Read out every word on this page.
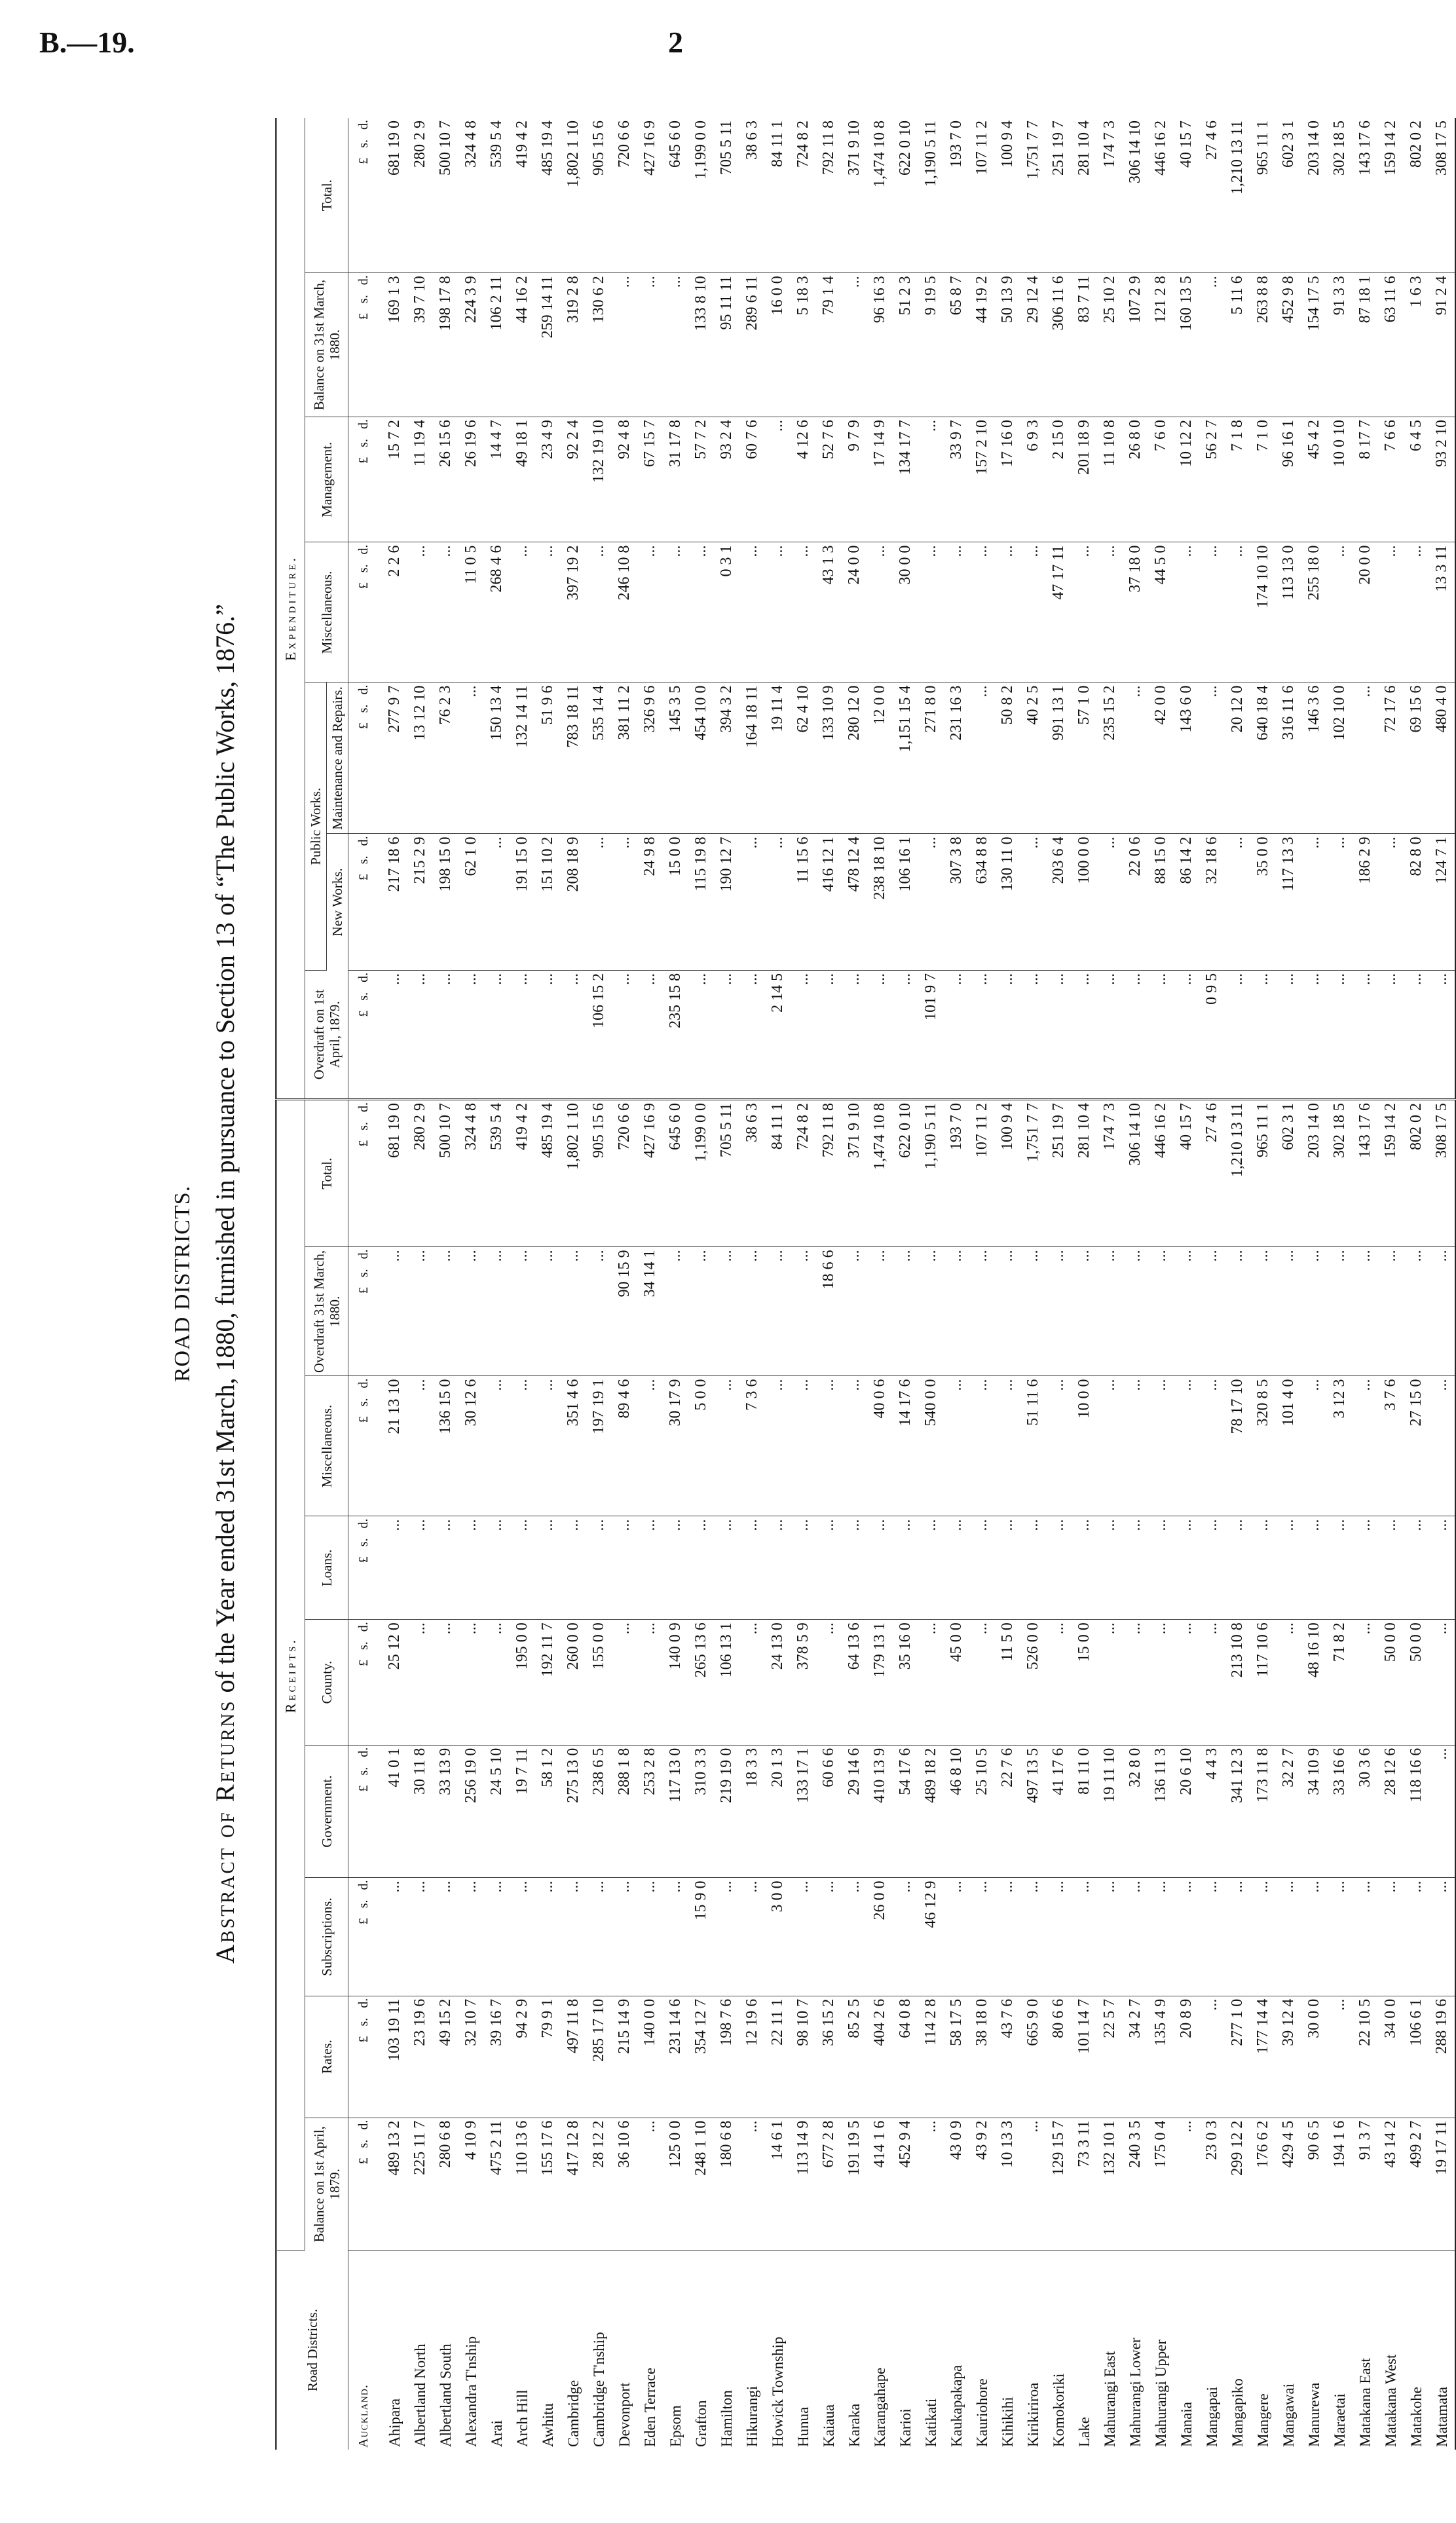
B.—19.	2
ROAD DISTRICTS.
Abstract of Returns of the Year ended 31st March, 1880, furnished in pursuance to Section 13 of “The Public Works, 1876.”
Road Districts.	Receipts.									Expenditure.						
	Balance on 1st April, 1879.	Rates.	Subscriptions.	Government.	County.	Loans.	Miscellaneous.	Overdraft 31st March, 1880.	Total.	Overdraft on 1st April, 1879.	Public Works.		Miscellaneous.	Management.	Balance on 31st March, 1880.	Total.
											New Works.	Maintenance and Repairs.				
Auckland.	£   s.   d.	£   s.   d.	£   s.   d.	£   s.   d.	£   s.   d.	£   s.   d.	£   s.   d.	£   s.   d.	£   s.   d.	£   s.   d.	£   s.   d.	£   s.   d.	£   s.   d.	£   s.   d.	£   s.   d.	£   s.   d.
Ahipara	489 13 2	103 19 11	...	41 0 1	25 12 0	...	21 13 10	...	681 19 0	...	217 18 6	277 9 7	2 2 6	15 7 2	169 1 3	681 19 0
Albertland North	225 11 7	23 19 6	...	30 11 8	...	...	...	...	280 2 9	...	215 2 9	13 12 10	...	11 19 4	39 7 10	280 2 9
Albertland South	280 6 8	49 15 2	...	33 13 9	...	...	136 15 0	...	500 10 7	...	198 15 0	76 2 3	...	26 15 6	198 17 8	500 10 7
Alexandra T'nship	4 10 9	32 10 7	...	256 19 0	...	...	30 12 6	...	324 4 8	...	62 1 0	...	11 0 5	26 19 6	224 3 9	324 4 8
Arai	475 2 11	39 16 7	...	24 5 10	...	...	...	...	539 5 4	...	...	150 13 4	268 4 6	14 4 7	106 2 11	539 5 4
Arch Hill	110 13 6	94 2 9	...	19 7 11	195 0 0	...	...	...	419 4 2	...	191 15 0	132 14 11	...	49 18 1	44 16 2	419 4 2
Awhitu	155 17 6	79 9 1	...	58 1 2	192 11 7	...	...	...	485 19 4	...	151 10 2	51 9 6	...	23 4 9	259 14 11	485 19 4
Cambridge	417 12 8	497 11 8	...	275 13 0	260 0 0	...	351 4 6	...	1,802 1 10	...	208 18 9	783 18 11	397 19 2	92 2 4	319 2 8	1,802 1 10
Cambridge T'nship	28 12 2	285 17 10	...	238 6 5	155 0 0	...	197 19 1	...	905 15 6	106 15 2	...	535 14 4	...	132 19 10	130 6 2	905 15 6
Devonport	36 10 6	215 14 9	...	288 1 8	...	...	89 4 6	90 15 9	720 6 6	...	...	381 11 2	246 10 8	92 4 8	...	720 6 6
Eden Terrace	...	140 0 0	...	253 2 8	...	...	...	34 14 1	427 16 9	...	24 9 8	326 9 6	...	67 15 7	...	427 16 9
Epsom	125 0 0	231 14 6	...	117 13 0	140 0 9	...	30 17 9	...	645 6 0	235 15 8	15 0 0	145 3 5	...	31 17 8	...	645 6 0
Grafton	248 1 10	354 12 7	15 9 0	310 3 3	265 13 6	...	5 0 0	...	1,199 0 0	...	115 19 8	454 10 0	...	57 7 2	133 8 10	1,199 0 0
Hamilton	180 6 8	198 7 6	...	219 19 0	106 13 1	...	...	...	705 5 11	...	190 12 7	394 3 2	0 3 1	93 2 4	95 11 11	705 5 11
Hikurangi	...	12 19 6	...	18 3 3	...	...	7 3 6	...	38 6 3	...	...	164 18 11	...	60 7 6	289 6 11	38 6 3
Howick Township	14 6 1	22 11 1	3 0 0	20 1 3	24 13 0	...	...	...	84 11 1	2 14 5	...	19 11 4	...	...	16 0 0	84 11 1
Hunua	113 14 9	98 10 7	...	133 17 1	378 5 9	...	...	...	724 8 2	...	11 15 6	62 4 10	...	4 12 6	5 18 3	724 8 2
Kaiaua	677 2 8	36 15 2	...	60 6 6	...	...	...	18 6 6	792 11 8	...	416 12 1	133 10 9	43 1 3	52 7 6	79 1 4	792 11 8
Karaka	191 19 5	85 2 5	...	29 14 6	64 13 6	...	...	...	371 9 10	...	478 12 4	280 12 0	24 0 0	9 7 9	...	371 9 10
Karangahape	414 1 6	404 2 6	26 0 0	410 13 9	179 13 1	...	40 0 6	...	1,474 10 8	...	238 18 10	12 0 0	...	17 14 9	96 16 3	1,474 10 8
Karioi	452 9 4	64 0 8	...	54 17 6	35 16 0	...	14 17 6	...	622 0 10	...	106 16 1	1,151 15 4	30 0 0	134 17 7	51 2 3	622 0 10
Katikati	...	114 2 8	46 12 9	489 18 2	...	...	540 0 0	...	1,190 5 11	101 9 7	...	271 8 0	...	...	9 19 5	1,190 5 11
Kaukapakapa	43 0 9	58 17 5	...	46 8 10	45 0 0	...	...	...	193 7 0	...	307 3 8	231 16 3	...	33 9 7	65 8 7	193 7 0
Kauriohore	43 9 2	38 18 0	...	25 10 5	...	...	...	...	107 11 2	...	634 8 8	...	...	157 2 10	44 19 2	107 11 2
Kihikihi	10 13 3	43 7 6	...	22 7 6	11 5 0	...	...	...	100 9 4	...	130 11 0	50 8 2	...	17 16 0	50 13 9	100 9 4
Kirikiriroa	...	665 9 0	...	497 13 5	526 0 0	...	51 11 6	...	1,751 7 7	...	...	40 2 5	...	6 9 3	29 12 4	1,751 7 7
Komokoriki	129 15 7	80 6 6	...	41 17 6	...	...	...	...	251 19 7	...	203 6 4	991 13 1	47 17 11	2 15 0	306 11 6	251 19 7
Lake	73 3 11	101 14 7	...	81 11 0	15 0 0	...	10 0 0	...	281 10 4	...	100 0 0	57 1 0	...	201 18 9	83 7 11	281 10 4
Mahurangi East	132 10 1	22 5 7	...	19 11 10	...	...	...	...	174 7 3	...	...	235 15 2	...	11 10 8	25 10 2	174 7 3
Mahurangi Lower	240 3 5	34 2 7	...	32 8 0	...	...	...	...	306 14 10	...	22 0 6	...	37 18 0	26 8 0	107 2 9	306 14 10
Mahurangi Upper	175 0 4	135 4 9	...	136 11 3	...	...	...	...	446 16 2	...	88 15 0	42 0 0	44 5 0	7 6 0	121 2 8	446 16 2
Manaia	...	20 8 9	...	20 6 10	...	...	...	...	40 15 7	...	86 14 2	143 6 0	...	10 12 2	160 13 5	40 15 7
Mangapai	23 0 3	...	...	4 4 3	...	...	...	...	27 4 6	0 9 5	32 18 6	...	...	56 2 7	...	27 4 6
Mangapiko	299 12 2	277 1 0	...	341 12 3	213 10 8	...	78 17 10	...	1,210 13 11	...	...	20 12 0	...	7 1 8	5 11 6	1,210 13 11
Mangere	176 6 2	177 14 4	...	173 11 8	117 10 6	...	320 8 5	...	965 11 1	...	35 0 0	640 18 4	174 10 10	7 1 0	263 8 8	965 11 1
Mangawai	429 4 5	39 12 4	...	32 2 7	...	...	101 4 0	...	602 3 1	...	117 13 3	316 11 6	113 13 0	96 16 1	452 9 8	602 3 1
Manurewa	90 6 5	30 0 0	...	34 10 9	48 16 10	...	...	...	203 14 0	...	...	146 3 6	255 18 0	45 4 2	154 17 5	203 14 0
Maraetai	194 1 6	...	...	33 16 6	71 8 2	...	3 12 3	...	302 18 5	...	...	102 10 0	...	10 0 10	91 3 3	302 18 5
Matakana East	91 3 7	22 10 5	...	30 3 6	...	...	...	...	143 17 6	...	186 2 9	...	20 0 0	8 17 7	87 18 1	143 17 6
Matakana West	43 14 2	34 0 0	...	28 12 6	50 0 0	...	3 7 6	...	159 14 2	...	...	72 17 6	...	7 6 6	63 11 6	159 14 2
Matakohe	499 2 7	106 6 1	...	118 16 6	50 0 0	...	27 15 0	...	802 0 2	...	82 8 0	69 15 6	...	6 4 5	1 6 3	802 0 2
Matamata	19 17 11	288 19 6	...	...	...	...	...	...	308 17 5	...	124 7 1	480 4 0	13 3 11	93 2 10	91 2 4	308 17 5
